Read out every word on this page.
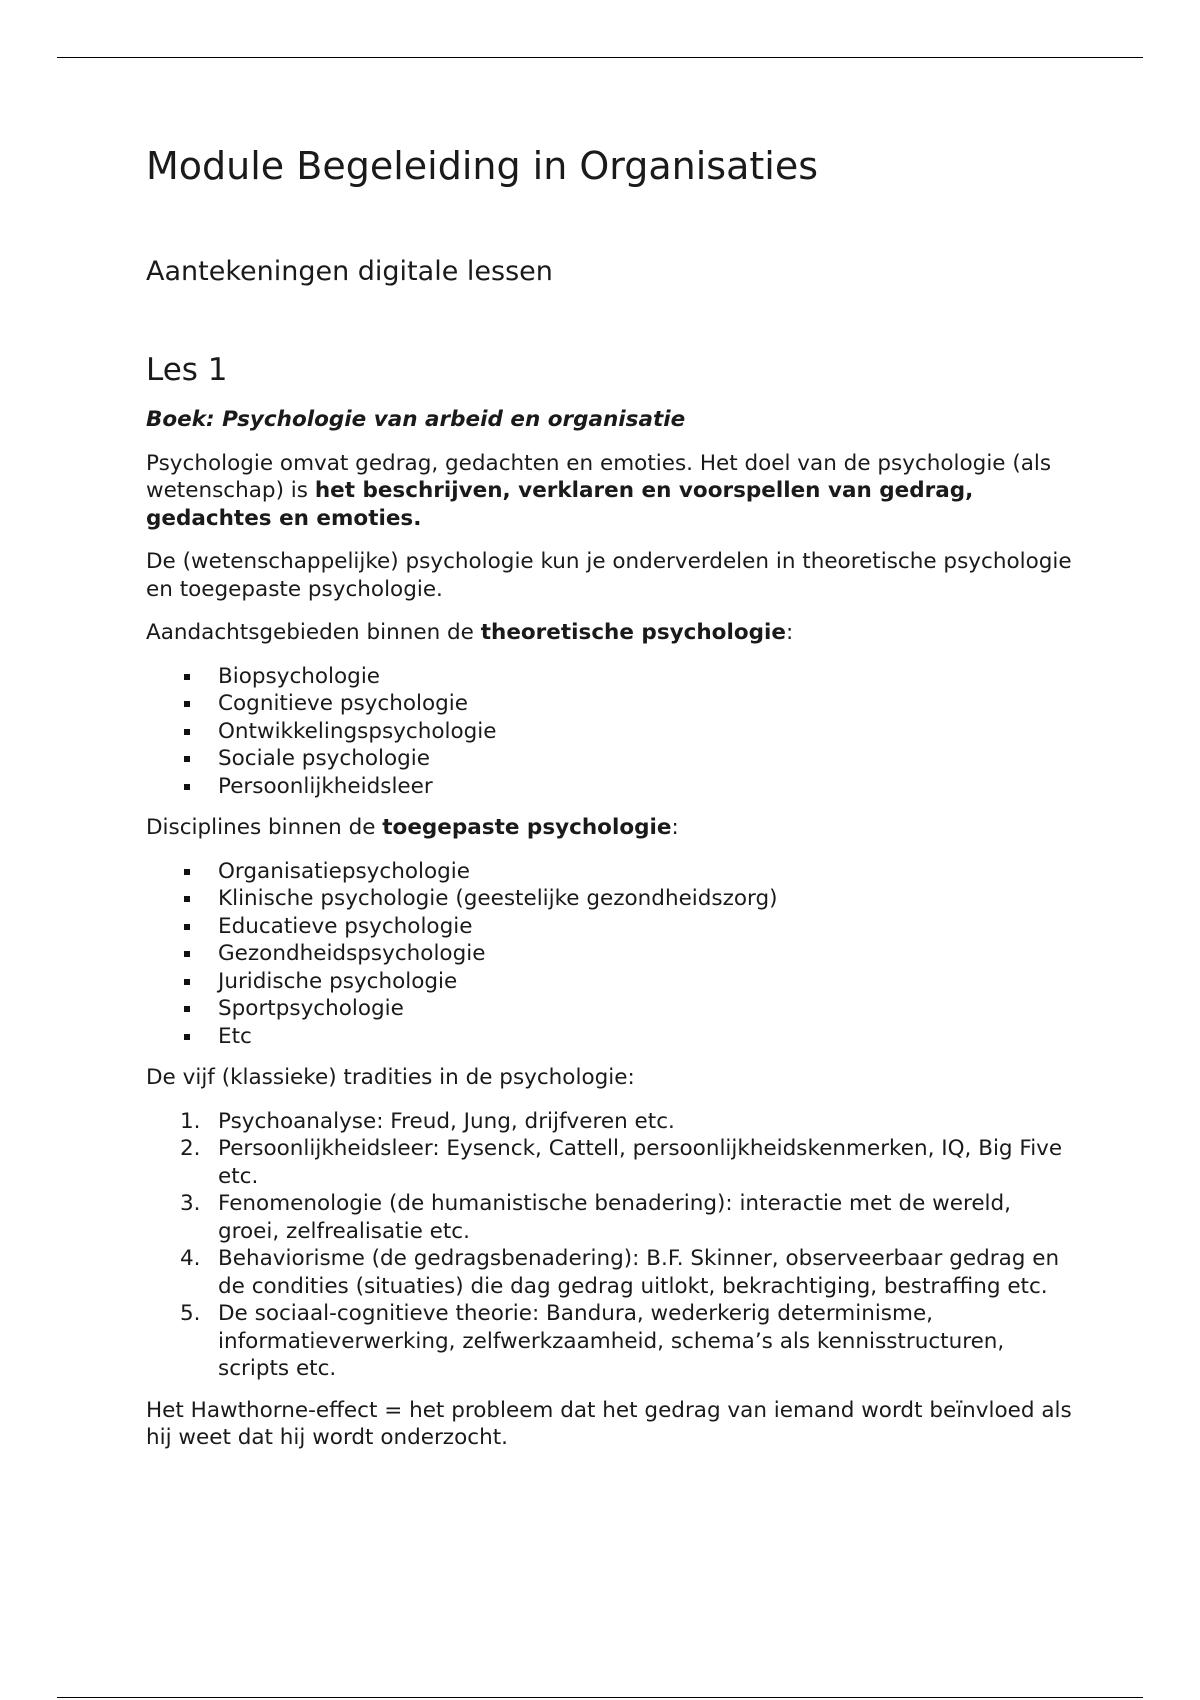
Module Begeleiding in Organisaties
Aantekeningen digitale lessen
Les 1

Boek: Psychologie van arbeid en organisatie

Psychologie omvat gedrag, gedachten en emoties. Het doel van de psychologie (als wetenschap) is het beschrijven, verklaren en voorspellen van gedrag, gedachtes en emoties.

De (wetenschappelijke) psychologie kun je onderverdelen in theoretische psychologie en toegepaste psychologie.

Aandachtsgebieden binnen de theoretische psychologie:

Biopsychologie
Cognitieve psychologie
Ontwikkelingspsychologie
Sociale psychologie
Persoonlijkheidsleer

Disciplines binnen de toegepaste psychologie:

Organisatiepsychologie
Klinische psychologie (geestelijke gezondheidszorg)
Educatieve psychologie
Gezondheidspsychologie
Juridische psychologie
Sportpsychologie
Etc

De vijf (klassieke) tradities in de psychologie:

1. Psychoanalyse: Freud, Jung, drijfveren etc.
2. Persoonlijkheidsleer: Eysenck, Cattell, persoonlijkheidskenmerken, IQ, Big Five etc.
3. Fenomenologie (de humanistische benadering): interactie met de wereld, groei, zelfrealisatie etc.
4. Behaviorisme (de gedragsbenadering): B.F. Skinner, observeerbaar gedrag en de condities (situaties) die dag gedrag uitlokt, bekrachtiging, bestraffing etc.
5. De sociaal-cognitieve theorie: Bandura, wederkerig determinisme, informatieverwerking, zelfwerkzaamheid, schema’s als kennisstructuren, scripts etc.

Het Hawthorne-effect = het probleem dat het gedrag van iemand wordt beïnvloed als hij weet dat hij wordt onderzocht.
